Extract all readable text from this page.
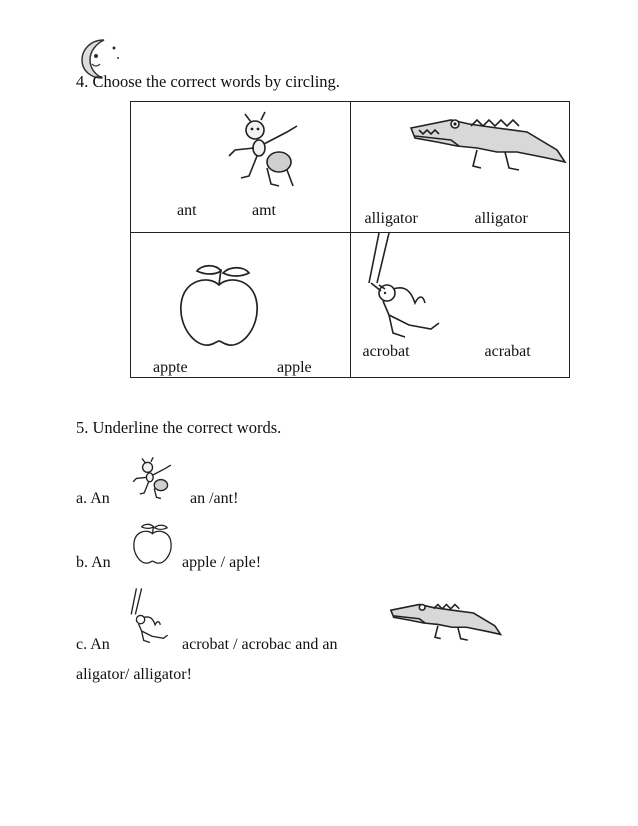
4. Choose the correct words by circling.
ant amt	alligator alligator

appte apple	acrobat acrabat
5. Underline the correct words.
a. An	an /ant!
b. An	apple / aple!
c. An	acrobat / acrobac and an
aligator/ alligator!
